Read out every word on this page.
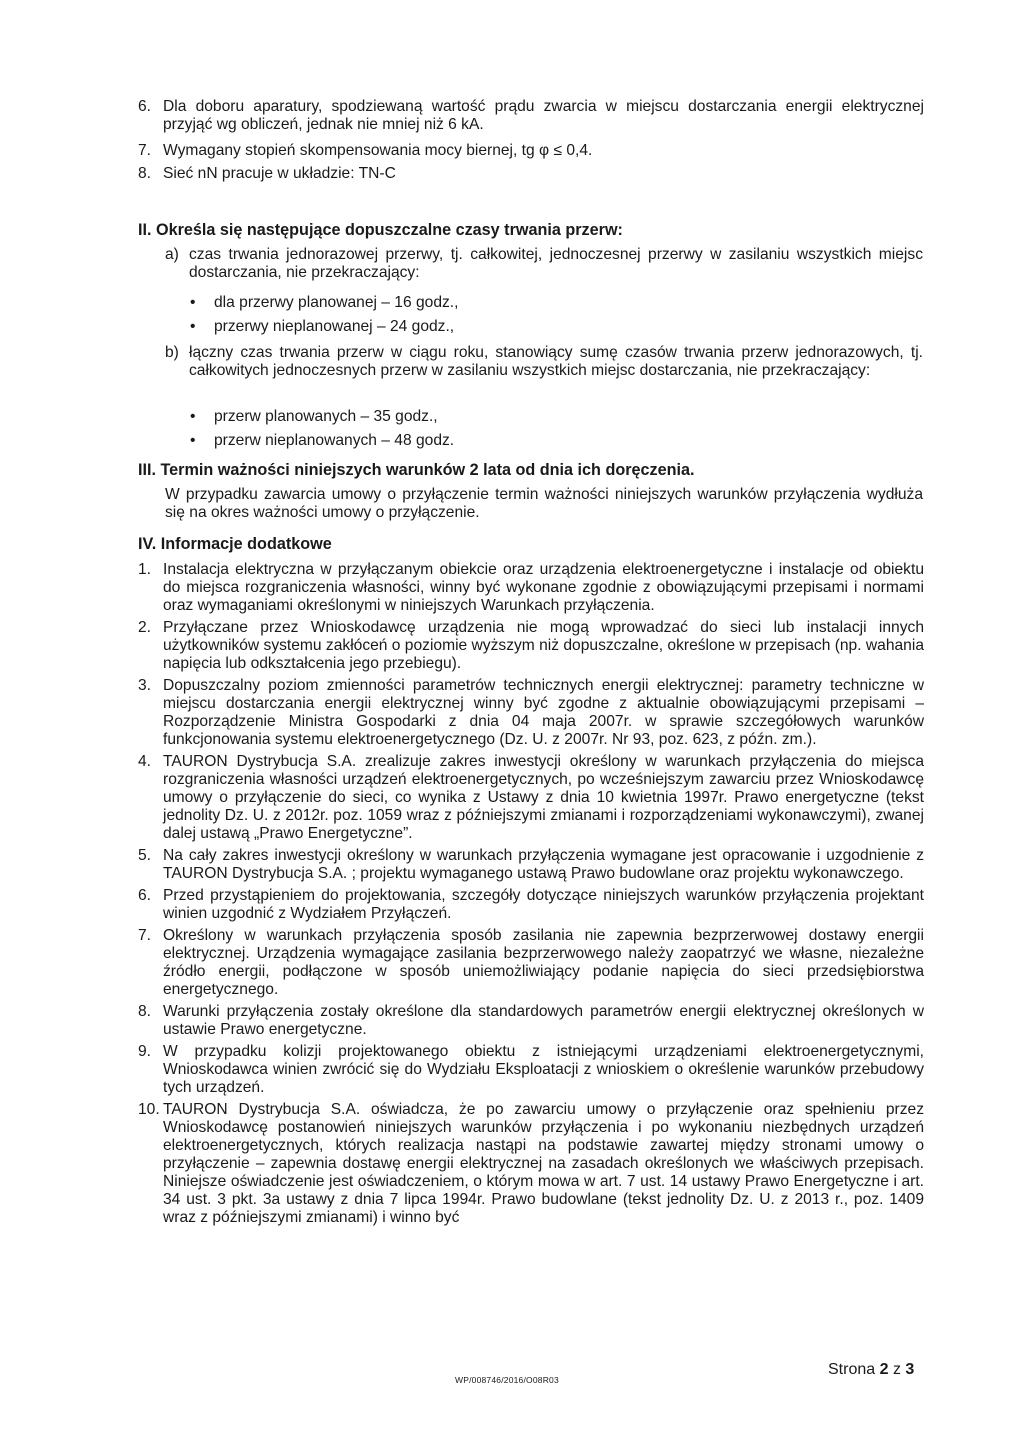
6. Dla doboru aparatury, spodziewaną wartość prądu zwarcia w miejscu dostarczania energii elektrycznej przyjąć wg obliczeń, jednak nie mniej niż 6 kA.
7. Wymagany stopień skompensowania mocy biernej, tg φ ≤ 0,4.
8. Sieć nN pracuje w układzie: TN-C
II. Określa się następujące dopuszczalne czasy trwania przerw:
a) czas trwania jednorazowej przerwy, tj. całkowitej, jednoczesnej przerwy w zasilaniu wszystkich miejsc dostarczania, nie przekraczający:
• dla przerwy planowanej – 16 godz.,
• przerwy nieplanowanej – 24 godz.,
b) łączny czas trwania przerw w ciągu roku, stanowiący sumę czasów trwania przerw jednorazowych, tj. całkowitych jednoczesnych przerw w zasilaniu wszystkich miejsc dostarczania, nie przekraczający:
• przerw planowanych – 35 godz.,
• przerw nieplanowanych – 48 godz.
III. Termin ważności niniejszych warunków 2 lata od dnia ich doręczenia.
W przypadku zawarcia umowy o przyłączenie termin ważności niniejszych warunków przyłączenia wydłuża się na okres ważności umowy o przyłączenie.
IV. Informacje dodatkowe
1. Instalacja elektryczna w przyłączanym obiekcie oraz urządzenia elektroenergetyczne i instalacje od obiektu do miejsca rozgraniczenia własności, winny być wykonane zgodnie z obowiązującymi przepisami i normami oraz wymaganiami określonymi w niniejszych Warunkach przyłączenia.
2. Przyłączane przez Wnioskodawcę urządzenia nie mogą wprowadzać do sieci lub instalacji innych użytkowników systemu zakłóceń o poziomie wyższym niż dopuszczalne, określone w przepisach (np. wahania napięcia lub odkształcenia jego przebiegu).
3. Dopuszczalny poziom zmienności parametrów technicznych energii elektrycznej: parametry techniczne w miejscu dostarczania energii elektrycznej winny być zgodne z aktualnie obowiązującymi przepisami – Rozporządzenie Ministra Gospodarki z dnia 04 maja 2007r. w sprawie szczegółowych warunków funkcjonowania systemu elektroenergetycznego (Dz. U. z 2007r. Nr 93, poz. 623, z późn. zm.).
4. TAURON Dystrybucja S.A. zrealizuje zakres inwestycji określony w warunkach przyłączenia do miejsca rozgraniczenia własności urządzeń elektroenergetycznych, po wcześniejszym zawarciu przez Wnioskodawcę umowy o przyłączenie do sieci, co wynika z Ustawy z dnia 10 kwietnia 1997r. Prawo energetyczne (tekst jednolity Dz. U. z 2012r. poz. 1059 wraz z późniejszymi zmianami i rozporządzeniami wykonawczymi), zwanej dalej ustawą „Prawo Energetyczne”.
5. Na cały zakres inwestycji określony w warunkach przyłączenia wymagane jest opracowanie i uzgodnienie z TAURON Dystrybucja S.A. ; projektu wymaganego ustawą Prawo budowlane oraz projektu wykonawczego.
6. Przed przystąpieniem do projektowania, szczegóły dotyczące niniejszych warunków przyłączenia projektant winien uzgodnić z Wydziałem Przyłączeń.
7. Określony w warunkach przyłączenia sposób zasilania nie zapewnia bezprzerwowej dostawy energii elektrycznej. Urządzenia wymagające zasilania bezprzerwowego należy zaopatrzyć we własne, niezależne źródło energii, podłączone w sposób uniemożliwiający podanie napięcia do sieci przedsiębiorstwa energetycznego.
8. Warunki przyłączenia zostały określone dla standardowych parametrów energii elektrycznej określonych w ustawie Prawo energetyczne.
9. W przypadku kolizji projektowanego obiektu z istniejącymi urządzeniami elektroenergetycznymi, Wnioskodawca winien zwrócić się do Wydziału Eksploatacji z wnioskiem o określenie warunków przebudowy tych urządzeń.
10. TAURON Dystrybucja S.A. oświadcza, że po zawarciu umowy o przyłączenie oraz spełnieniu przez Wnioskodawcę postanowień niniejszych warunków przyłączenia i po wykonaniu niezbędnych urządzeń elektroenergetycznych, których realizacja nastąpi na podstawie zawartej między stronami umowy o przyłączenie – zapewnia dostawę energii elektrycznej na zasadach określonych we właściwych przepisach. Niniejsze oświadczenie jest oświadczeniem, o którym mowa w art. 7 ust. 14 ustawy Prawo Energetyczne i art. 34 ust. 3 pkt. 3a ustawy z dnia 7 lipca 1994r. Prawo budowlane (tekst jednolity Dz. U. z 2013 r., poz. 1409 wraz z późniejszymi zmianami) i winno być
WP/008746/2016/O08R03
Strona 2 z 3
